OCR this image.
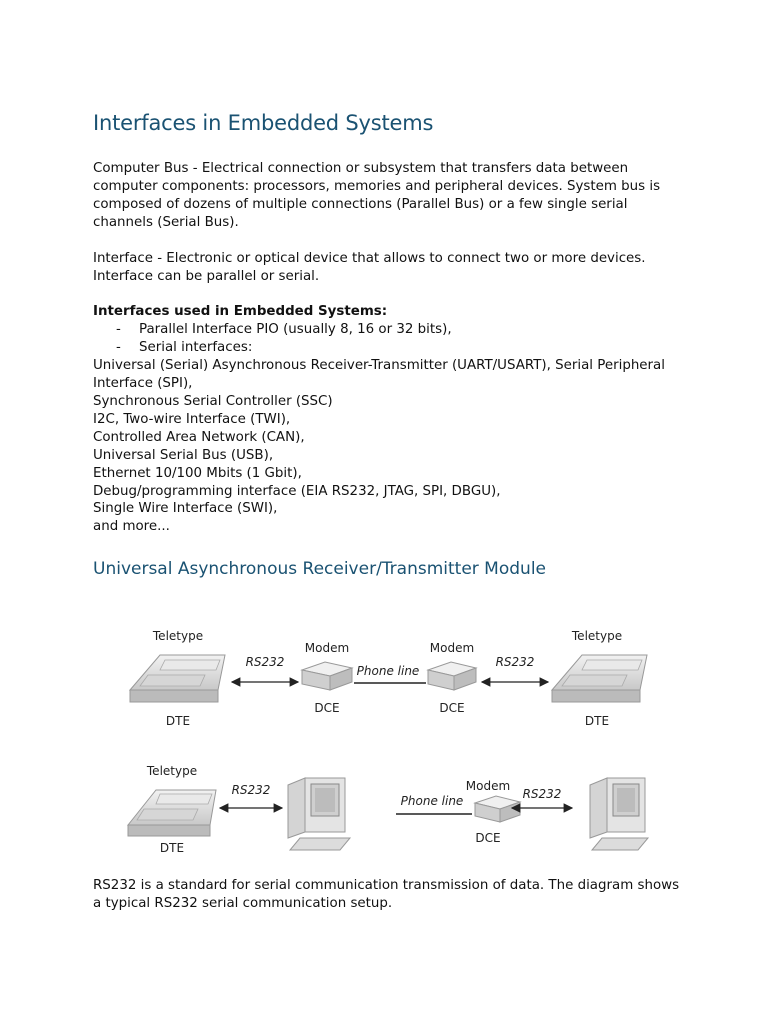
Interfaces in Embedded Systems

Computer Bus - Electrical connection or subsystem that transfers data between computer components: processors, memories and peripheral devices. System bus is composed of dozens of multiple connections (Parallel Bus) or a few single serial channels (Serial Bus).

Interface - Electronic or optical device that allows to connect two or more devices. Interface can be parallel or serial.

Interfaces used in Embedded Systems:
- Parallel Interface PIO (usually 8, 16 or 32 bits),
- Serial interfaces:
Universal (Serial) Asynchronous Receiver-Transmitter (UART/USART), Serial Peripheral
Interface (SPI),
Synchronous Serial Controller (SSC)
I2C, Two-wire Interface (TWI),
Controlled Area Network (CAN),
Universal Serial Bus (USB),
Ethernet 10/100 Mbits (1 Gbit),
Debug/programming interface (EIA RS232, JTAG, SPI, DBGU),
Single Wire Interface (SWI),
and more...
Universal Asynchronous Receiver/Transmitter Module
Teletype
DTE
RS232
Modem
DCE
Phone line
Modem
DCE
RS232
Teletype
DTE
Teletype
DTE
RS232
Phone line
Modem
DCE
RS232

RS232 is a standard for serial communication transmission of data. The diagram shows a typical RS232 serial communication setup.
